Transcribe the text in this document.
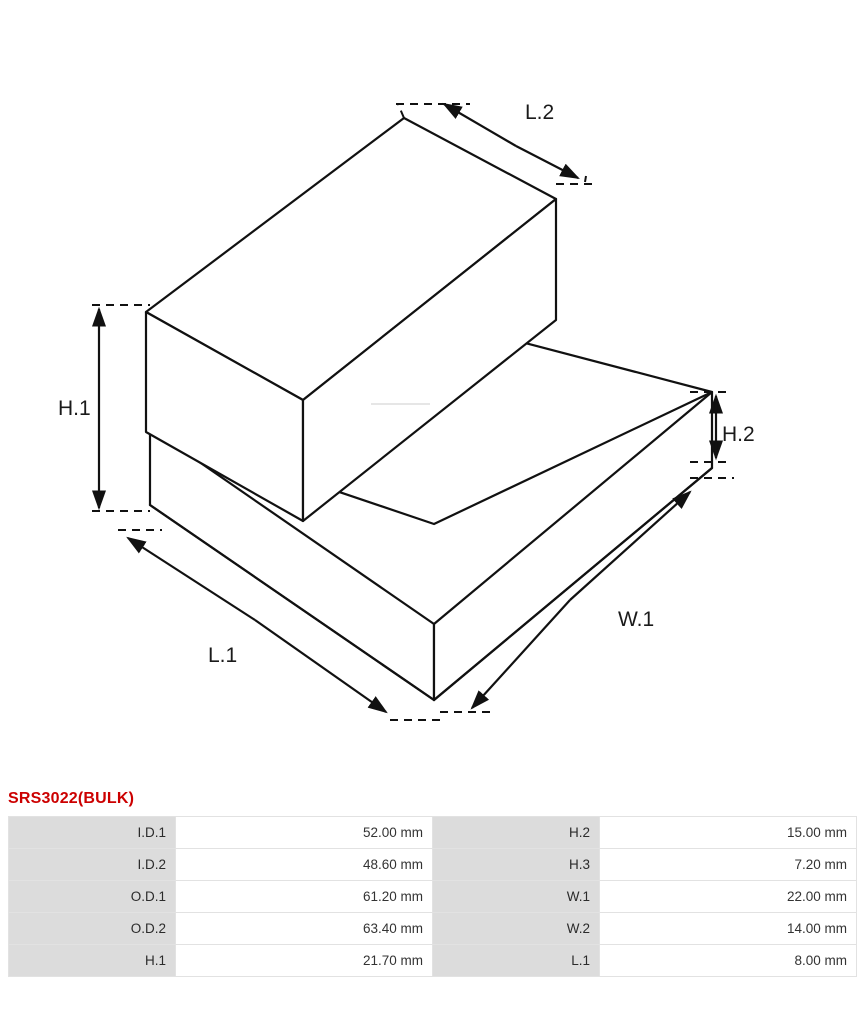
L.2
H.1
H.2
L.1
W.1
SRS3022(BULK)
I.D.1	52.00 mm	H.2	15.00 mm
I.D.2	48.60 mm	H.3	7.20 mm
O.D.1	61.20 mm	W.1	22.00 mm
O.D.2	63.40 mm	W.2	14.00 mm
H.1	21.70 mm	L.1	8.00 mm
